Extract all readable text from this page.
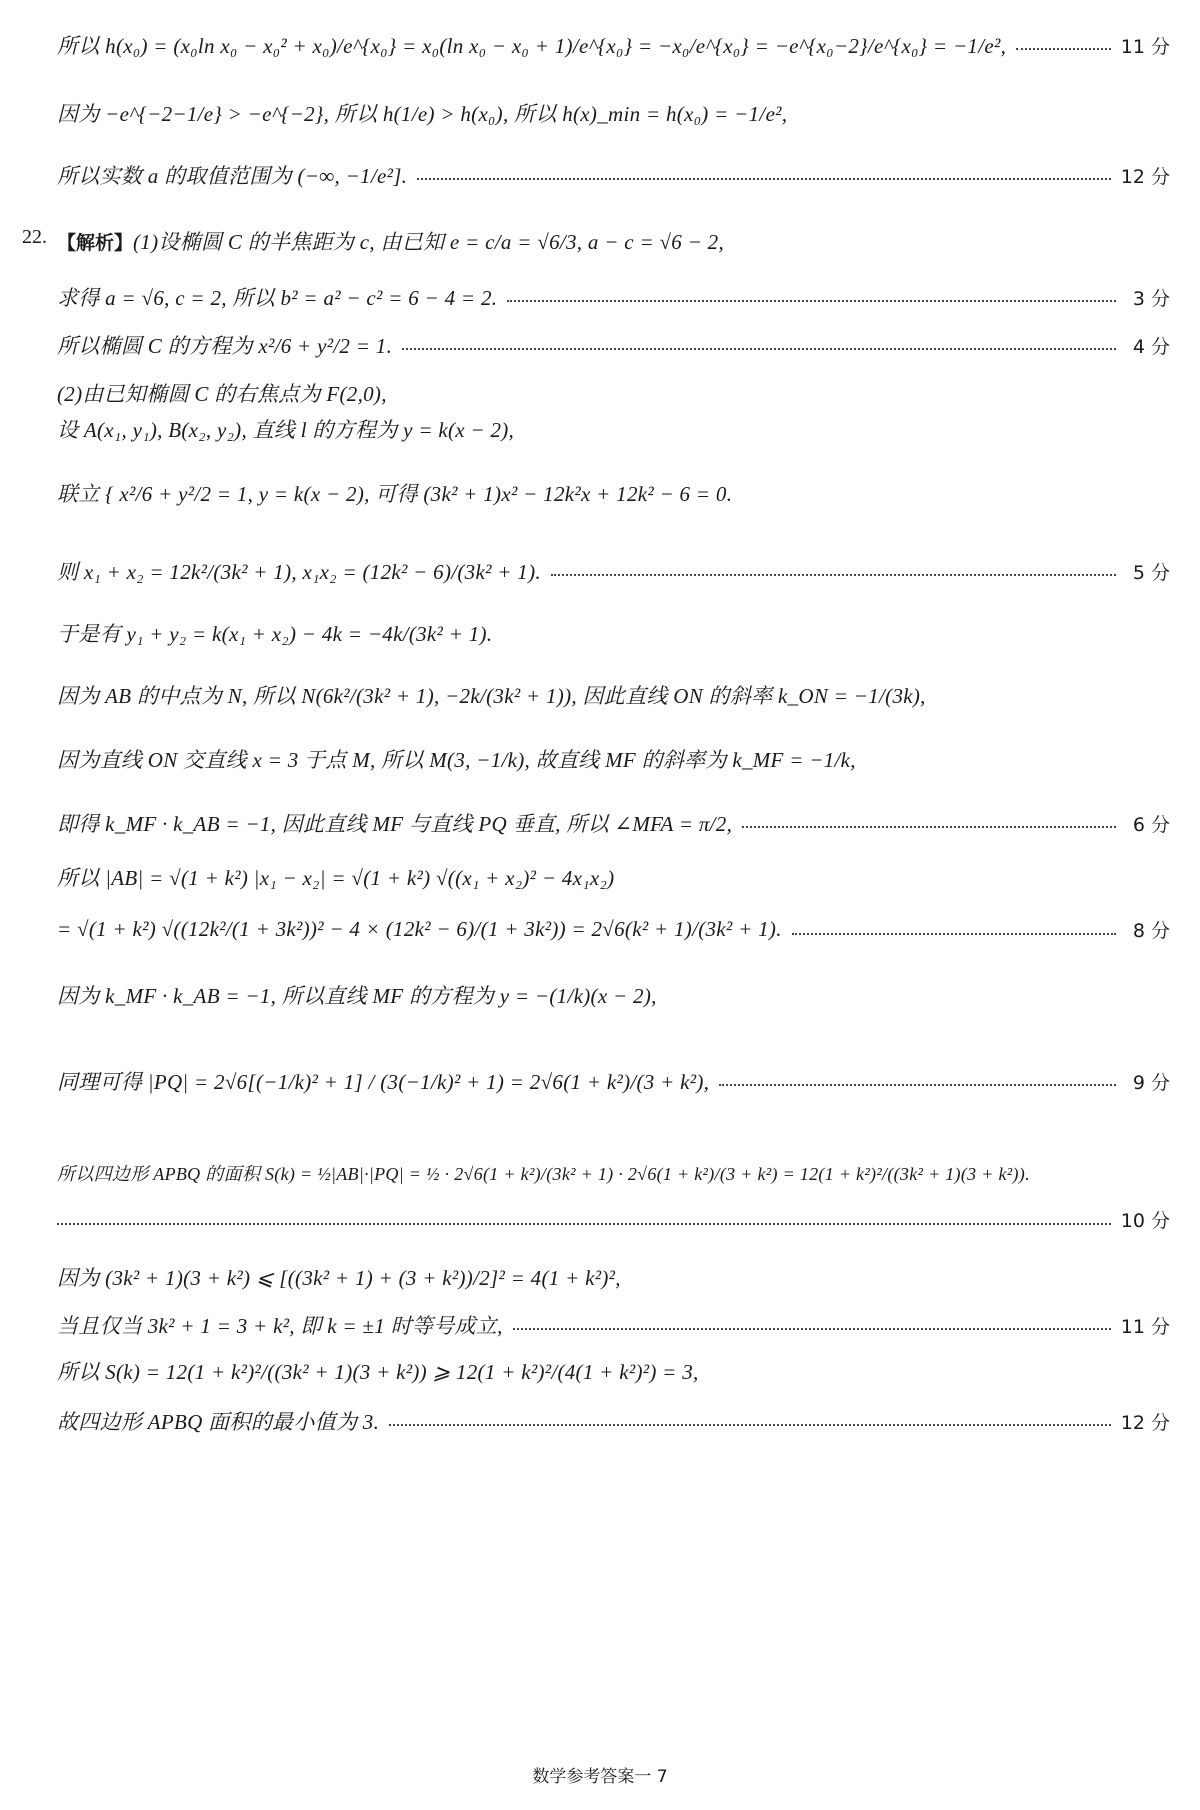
所以 h(x₀) = (x₀ln x₀ − x₀² + x₀)/e^{x₀} = x₀(ln x₀ − x₀ + 1)/e^{x₀} = −x₀/e^{x₀} = −e^{x₀−2}/e^{x₀} = −1/e²,	11 分
因为 −e^{−2−1/e} > −e^{−2}, 所以 h(1/e) > h(x₀), 所以 h(x)_min = h(x₀) = −1/e²,
所以实数 a 的取值范围为 (−∞, −1/e²].	12 分
22. 【解析】 (1)设椭圆 C 的半焦距为 c, 由已知 e = c/a = √6/3, a − c = √6 − 2,
求得 a = √6, c = 2, 所以 b² = a² − c² = 6 − 4 = 2.	3 分
所以椭圆 C 的方程为 x²/6 + y²/2 = 1.	4 分
(2)由已知椭圆 C 的右焦点为 F(2,0),
设 A(x₁, y₁), B(x₂, y₂), 直线 l 的方程为 y = k(x − 2),
联立 { x²/6 + y²/2 = 1, y = k(x − 2), 可得 (3k² + 1)x² − 12k²x + 12k² − 6 = 0.
则 x₁ + x₂ = 12k²/(3k² + 1), x₁x₂ = (12k² − 6)/(3k² + 1).	5 分
于是有 y₁ + y₂ = k(x₁ + x₂) − 4k = −4k/(3k² + 1).
因为 AB 的中点为 N, 所以 N(6k²/(3k² + 1), −2k/(3k² + 1)), 因此直线 ON 的斜率 k_ON = −1/(3k),
因为直线 ON 交直线 x = 3 于点 M, 所以 M(3, −1/k), 故直线 MF 的斜率为 k_MF = −1/k,
即得 k_MF · k_AB = −1, 因此直线 MF 与直线 PQ 垂直, 所以 ∠MFA = π/2,	6 分
所以 |AB| = √(1 + k²) |x₁ − x₂| = √(1 + k²) √((x₁ + x₂)² − 4x₁x₂)
= √(1 + k²) √((12k²/(1 + 3k²))² − 4 × (12k² − 6)/(1 + 3k²)) = 2√6(k² + 1)/(3k² + 1).	8 分
因为 k_MF · k_AB = −1, 所以直线 MF 的方程为 y = −(1/k)(x − 2),
同理可得 |PQ| = 2√6[(−1/k)² + 1] / (3(−1/k)² + 1) = 2√6(1 + k²)/(3 + k²),	9 分
所以四边形 APBQ 的面积 S(k) = ½|AB|·|PQ| = ½ · 2√6(1 + k²)/(3k² + 1) · 2√6(1 + k²)/(3 + k²) = 12(1 + k²)²/((3k² + 1)(3 + k²)).
10 分
因为 (3k² + 1)(3 + k²) ⩽ [((3k² + 1) + (3 + k²))/2]² = 4(1 + k²)²,
当且仅当 3k² + 1 = 3 + k², 即 k = ±1 时等号成立,	11 分
所以 S(k) = 12(1 + k²)²/((3k² + 1)(3 + k²)) ⩾ 12(1 + k²)²/(4(1 + k²)²) = 3,
故四边形 APBQ 面积的最小值为 3.	12 分
数学参考答案一 7
